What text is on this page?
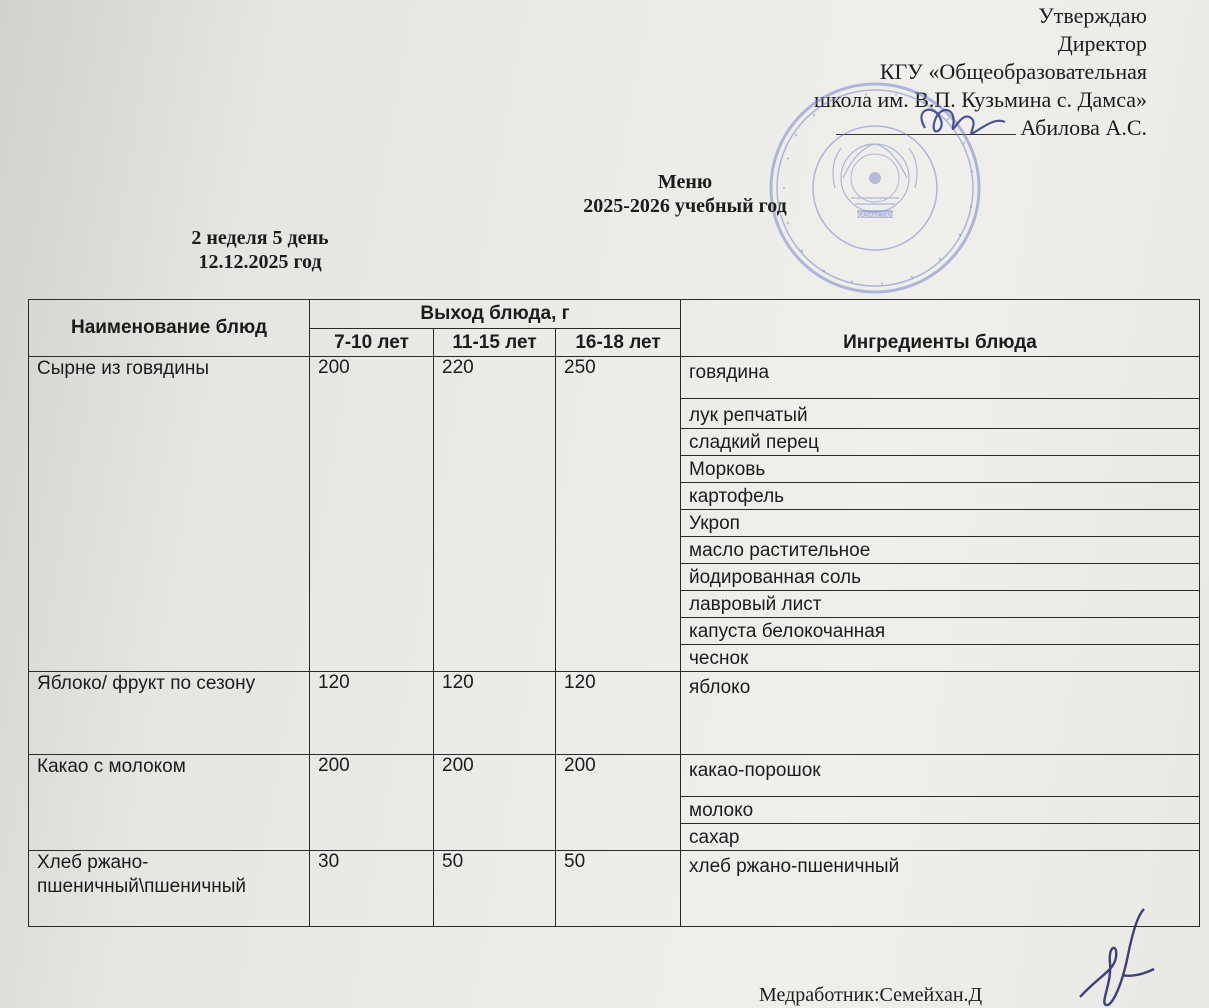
Утверждаю
Директор
КГУ «Общеобразовательная
школа им. В.П. Кузьмина с. Дамса»
Абилова А.С.
ҚАЗАҚСТАН
Меню
2025-2026 учебный год
2 неделя 5 день
12.12.2025 год
Наименование блюд	Выход блюда, г			Ингредиенты блюда
	7-10 лет	11-15 лет	16-18 лет	
Сырне из говядины	200	220	250	говядина
				лук репчатый
				сладкий перец
				Морковь
				картофель
				Укроп
				масло растительное
				йодированная соль
				лавровый лист
				капуста белокочанная
				чеснок
Яблоко/ фрукт по сезону	120	120	120	яблоко
Какао с молоком	200	200	200	какао-порошок
				молоко
				сахар
Хлеб ржано-пшеничный\пшеничный	30	50	50	хлеб ржано-пшеничный
Медработник:Семейхан.Д
